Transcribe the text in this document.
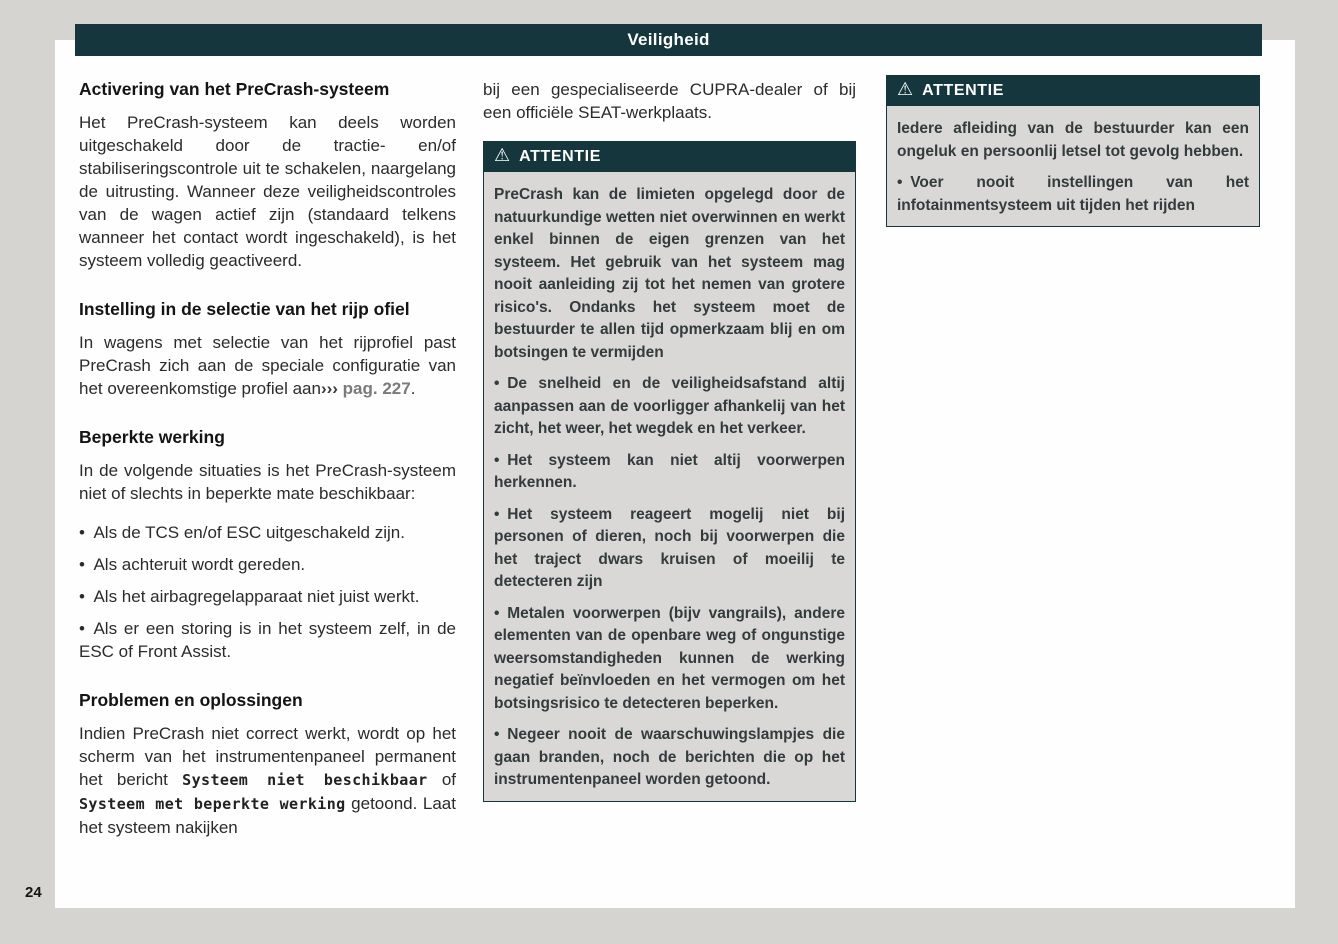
Veiligheid
Activering van het PreCrash-systeem

Het PreCrash-systeem kan deels worden uitgeschakeld door de tractie- en/of stabiliseringscontrole uit te schakelen, naargelang de uitrusting. Wanneer deze veiligheidscontroles van de wagen actief zijn (standaard telkens wanneer het contact wordt ingeschakeld), is het systeem volledig geactiveerd.

Instelling in de selectie van het rijp ofiel

In wagens met selectie van het rijprofiel past PreCrash zich aan de speciale configuratie van het overeenkomstige profiel aan››› pag. 227.

Beperkte werking

In de volgende situaties is het PreCrash-systeem niet of slechts in beperkte mate beschikbaar:

• Als de TCS en/of ESC uitgeschakeld zijn.

• Als achteruit wordt gereden.

• Als het airbagregelapparaat niet juist werkt.

• Als er een storing is in het systeem zelf, in de ESC of Front Assist.

Problemen en oplossingen

Indien PreCrash niet correct werkt, wordt op het scherm van het instrumentenpaneel permanent het bericht Systeem niet beschikbaar of Systeem met beperkte werking getoond. Laat het systeem nakijken

bij een gespecialiseerde CUPRA-dealer of bij een officiële SEAT-werkplaats.

⚠ ATTENTIE

PreCrash kan de limieten opgelegd door de natuurkundige wetten niet overwinnen en werkt enkel binnen de eigen grenzen van het systeem. Het gebruik van het systeem mag nooit aanleiding zij tot het nemen van grotere risico's. Ondanks het systeem moet de bestuurder te allen tijd opmerkzaam blij en om botsingen te vermijden

• De snelheid en de veiligheidsafstand altij aanpassen aan de voorligger afhankelij van het zicht, het weer, het wegdek en het verkeer.

• Het systeem kan niet altij voorwerpen herkennen.

• Het systeem reageert mogelij niet bij personen of dieren, noch bij voorwerpen die het traject dwars kruisen of moeilij te detecteren zijn

• Metalen voorwerpen (bijv vangrails), andere elementen van de openbare weg of ongunstige weersomstandigheden kunnen de werking negatief beïnvloeden en het vermogen om het botsingsrisico te detecteren beperken.

• Negeer nooit de waarschuwingslampjes die gaan branden, noch de berichten die op het instrumentenpaneel worden getoond.

⚠ ATTENTIE

Iedere afleiding van de bestuurder kan een ongeluk en persoonlij letsel tot gevolg hebben.

• Voer nooit instellingen van het infotainmentsysteem uit tijden het rijden

24
